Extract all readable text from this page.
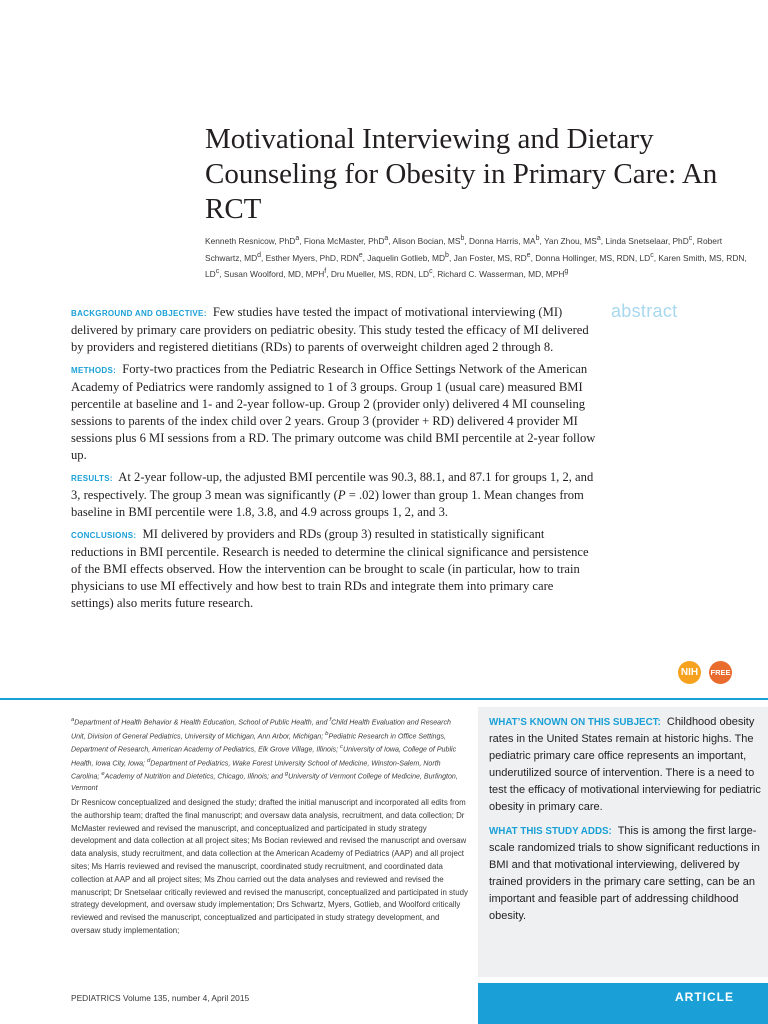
Motivational Interviewing and Dietary Counseling for Obesity in Primary Care: An RCT
Kenneth Resnicow, PhD$^a$, Fiona McMaster, PhD$^a$, Alison Bocian, $MS^b$, Donna Harris, $MA^b$, Yan Zhou, $MS^a$, Linda Snetselaar, PhD$^c$, Robert Schwartz, $MD^d$, Esther Myers, PhD, RDN$^e$, Jaquelin Gotlieb, $MD^b$, Jan Foster, MS, $RD^e$, Donna Hollinger, MS, RDN, $LD^c$, Karen Smith, MS, RDN, $LD^c$, Susan Woolford, MD, MPH$^f$, Dru Mueller, MS, RDN, $LD^c$, Richard C. Wasserman, MD, MPH$^g$
abstract

BACKGROUND AND OBJECTIVE: Few studies have tested the impact of motivational interviewing (MI) delivered by primary care providers on pediatric obesity. This study tested the efficacy of MI delivered by providers and registered dietitians (RDs) to parents of overweight children aged 2 through 8.

METHODS: Forty-two practices from the Pediatric Research in Office Settings Network of the American Academy of Pediatrics were randomly assigned to 1 of 3 groups. Group 1 (usual care) measured BMI percentile at baseline and 1- and 2-year follow-up. Group 2 (provider only) delivered 4 MI counseling sessions to parents of the index child over 2 years. Group 3 (provider + RD) delivered 4 provider MI sessions plus 6 MI sessions from a RD. The primary outcome was child BMI percentile at 2-year follow up.

RESULTS: At 2-year follow-up, the adjusted BMI percentile was 90.3, 88.1, and 87.1 for groups 1, 2, and 3, respectively. The group 3 mean was significantly (P = .02) lower than group 1. Mean changes from baseline in BMI percentile were 1.8, 3.8, and 4.9 across groups 1, 2, and 3.

CONCLUSIONS: MI delivered by providers and RDs (group 3) resulted in statistically significant reductions in BMI percentile. Research is needed to determine the clinical significance and persistence of the BMI effects observed. How the intervention can be brought to scale (in particular, how to train physicians to use MI effectively and how best to train RDs and integrate them into primary care settings) also merits future research.

NIH	FREE
$^a$Department of Health Behavior & Health Education, School of Public Health, and $^f$Child Health Evaluation and Research Unit, Division of General Pediatrics, University of Michigan, Ann Arbor, Michigan; $^b$Pediatric Research in Office Settings, Department of Research, American Academy of Pediatrics, Elk Grove Village, Illinois; $^c$University of Iowa, College of Public Health, Iowa City, Iowa; $^d$Department of Pediatrics, Wake Forest University School of Medicine, Winston-Salem, North Carolina; $^e$Academy of Nutrition and Dietetics, Chicago, Illinois; and $^g$University of Vermont College of Medicine, Burlington, Vermont
Dr Resnicow conceptualized and designed the study; drafted the initial manuscript and incorporated all edits from the authorship team; drafted the final manuscript; and oversaw data analysis, recruitment, and data collection; Dr McMaster reviewed and revised the manuscript, and conceptualized and participated in study strategy development and data collection at all project sites; Ms Bocian reviewed and revised the manuscript and oversaw data analysis, study recruitment, and data collection at the American Academy of Pediatrics (AAP) and all project sites; Ms Harris reviewed and revised the manuscript, coordinated study recruitment, and coordinated data collection at AAP and all project sites; Ms Zhou carried out the data analyses and reviewed and revised the manuscript; Dr Snetselaar critically reviewed and revised the manuscript, conceptualized and participated in study strategy development, and oversaw study implementation; Drs Schwartz, Myers, Gotlieb, and Woolford critically reviewed and revised the manuscript, conceptualized and participated in study strategy development, and oversaw study implementation;

WHAT’S KNOWN ON THIS SUBJECT: Childhood obesity rates in the United States remain at historic highs. The pediatric primary care office represents an important, underutilized source of intervention. There is a need to test the efficacy of motivational interviewing for pediatric obesity in primary care.

WHAT THIS STUDY ADDS: This is among the first large-scale randomized trials to show significant reductions in BMI and that motivational interviewing, delivered by trained providers in the primary care setting, can be an important and feasible part of addressing childhood obesity.

PEDIATRICS Volume 135, number 4, April 2015	ARTICLE
